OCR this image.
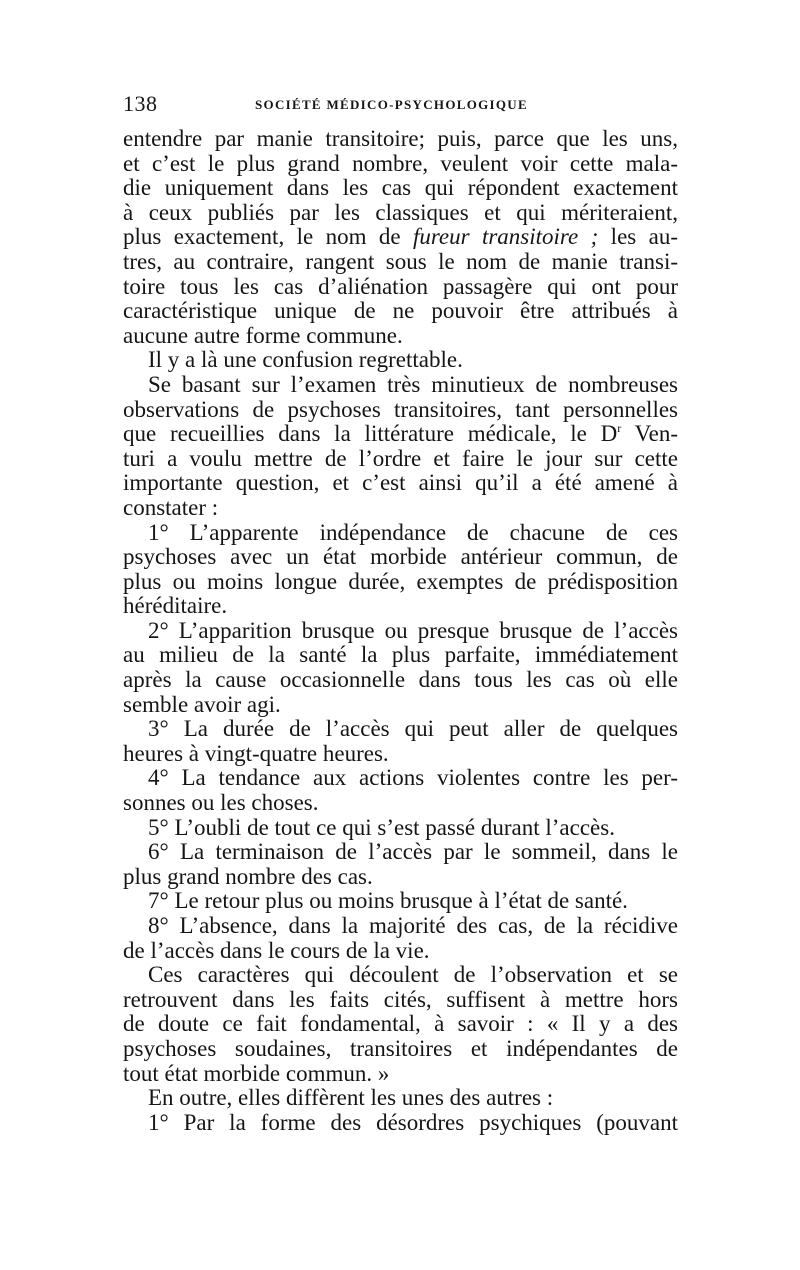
138	SOCIÉTÉ MÉDICO-PSYCHOLOGIQUE

entendre par manie transitoire; puis, parce que les uns,
et c’est le plus grand nombre, veulent voir cette mala-
die uniquement dans les cas qui répondent exactement
à ceux publiés par les classiques et qui mériteraient,
plus exactement, le nom de fureur transitoire ; les au-
tres, au contraire, rangent sous le nom de manie transi-
toire tous les cas d’aliénation passagère qui ont pour
caractéristique unique de ne pouvoir être attribués à
aucune autre forme commune.

Il y a là une confusion regrettable.

Se basant sur l’examen très minutieux de nombreuses

observations de psychoses transitoires, tant personnelles
que recueillies dans la littérature médicale, le $D^r$ Ven-
turi a voulu mettre de l’ordre et faire le jour sur cette
importante question, et c’est ainsi qu’il a été amené à
constater :

1° L’apparente indépendance de chacune de ces

psychoses avec un état morbide antérieur commun, de
plus ou moins longue durée, exemptes de prédisposition
héréditaire.

2° L’apparition brusque ou presque brusque de l’accès

au milieu de la santé la plus parfaite, immédiatement
après la cause occasionnelle dans tous les cas où elle
semble avoir agi.

3° La durée de l’accès qui peut aller de quelques

heures à vingt-quatre heures.

4° La tendance aux actions violentes contre les per-

sonnes ou les choses.

5° L’oubli de tout ce qui s’est passé durant l’accès.

6° La terminaison de l’accès par le sommeil, dans le

plus grand nombre des cas.

7° Le retour plus ou moins brusque à l’état de santé.

8° L’absence, dans la majorité des cas, de la récidive

de l’accès dans le cours de la vie.

Ces caractères qui découlent de l’observation et se

retrouvent dans les faits cités, suffisent à mettre hors
de doute ce fait fondamental, à savoir : « Il y a des
psychoses soudaines, transitoires et indépendantes de
tout état morbide commun. »

En outre, elles diffèrent les unes des autres :

1° Par la forme des désordres psychiques (pouvant
